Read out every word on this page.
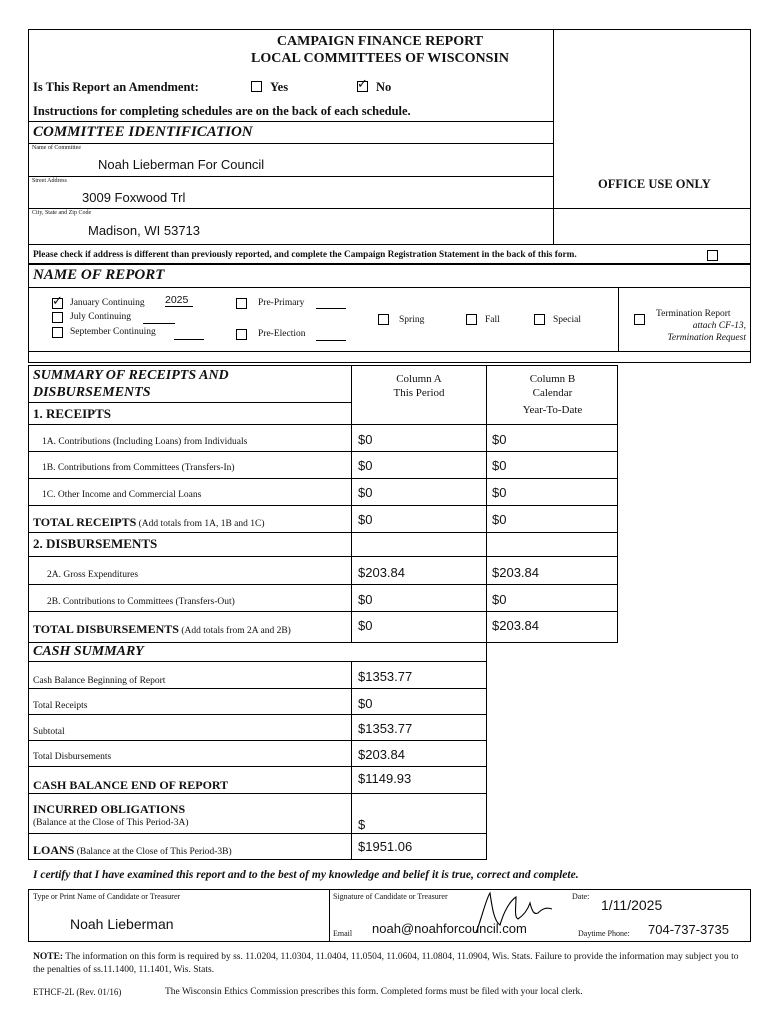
CAMPAIGN FINANCE REPORT
LOCAL COMMITTEES OF WISCONSIN
Is This Report an Amendment:	Yes
✓	No
Instructions for completing schedules are on the back of each schedule.
COMMITTEE IDENTIFICATION
Name of Committee
Noah Lieberman For Council
Street Address
3009 Foxwood Trl
City, State and Zip Code
Madison, WI 53713
OFFICE USE ONLY
Please check if address is different than previously reported, and complete the Campaign Registration Statement in the back of this form.
NAME OF REPORT
✓
January Continuing 2025
July Continuing
September Continuing
Pre-Primary
Pre-Election
Spring	Fall	Special
Termination Report
attach CF-13,
Termination Request
SUMMARY OF RECEIPTS AND
DISBURSEMENTS
Column A
This Period
Column B
Calendar
Year-To-Date
1. RECEIPTS
1A. Contributions (Including Loans) from Individuals	$0	$0
1B. Contributions from Committees (Transfers-In)	$0	$0
1C. Other Income and Commercial Loans	$0	$0
TOTAL RECEIPTS (Add totals from 1A, 1B and 1C)	$0	$0
2. DISBURSEMENTS
2A. Gross Expenditures	$203.84	$203.84
2B. Contributions to Committees (Transfers-Out)	$0	$0
TOTAL DISBURSEMENTS (Add totals from 2A and 2B)	$0	$203.84
CASH SUMMARY
Cash Balance Beginning of Report	$1353.77
Total Receipts	$0
Subtotal	$1353.77
Total Disbursements	$203.84
CASH BALANCE END OF REPORT	$1149.93
INCURRED OBLIGATIONS
(Balance at the Close of This Period-3A)	$
LOANS (Balance at the Close of This Period-3B)	$1951.06
I certify that I have examined this report and to the best of my knowledge and belief it is true, correct and complete.
Type or Print Name of Candidate or Treasurer
Noah Lieberman
Signature of Candidate or Treasurer	Date:
1/11/2025
Email noah@noahforcouncil.com	Daytime Phone: 704-737-3735
NOTE: The information on this form is required by ss. 11.0204, 11.0304, 11.0404, 11.0504, 11.0604, 11.0804, 11.0904, Wis. Stats. Failure to provide the information may subject you to the penalties of ss.11.1400, 11.1401, Wis. Stats.
ETHCF-2L (Rev. 01/16)	The Wisconsin Ethics Commission prescribes this form. Completed forms must be filed with your local clerk.
